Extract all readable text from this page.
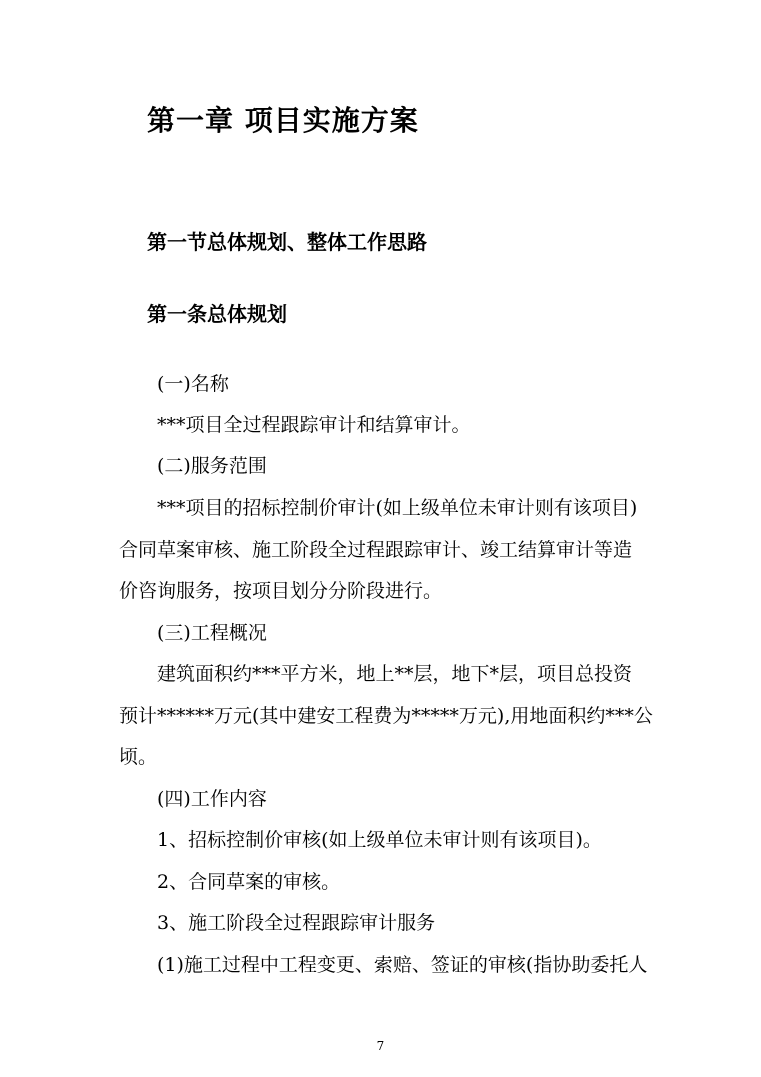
第一章 项目实施方案
第一节总体规划、整体工作思路
第一条总体规划
(一)名称
***项目全过程跟踪审计和结算审计。
(二)服务范围
***项目的招标控制价审计(如上级单位未审计则有该项目)
合同草案审核、施工阶段全过程跟踪审计、竣工结算审计等造
价咨询服务，按项目划分分阶段进行。
(三)工程概况
建筑面积约***平方米，地上**层，地下*层，项目总投资
预计******万元(其中建安工程费为*****万元),用地面积约***公
顷。
(四)工作内容
1、招标控制价审核(如上级单位未审计则有该项目)。
2、合同草案的审核。
3、施工阶段全过程跟踪审计服务
(1)施工过程中工程变更、索赔、签证的审核(指协助委托人
7
